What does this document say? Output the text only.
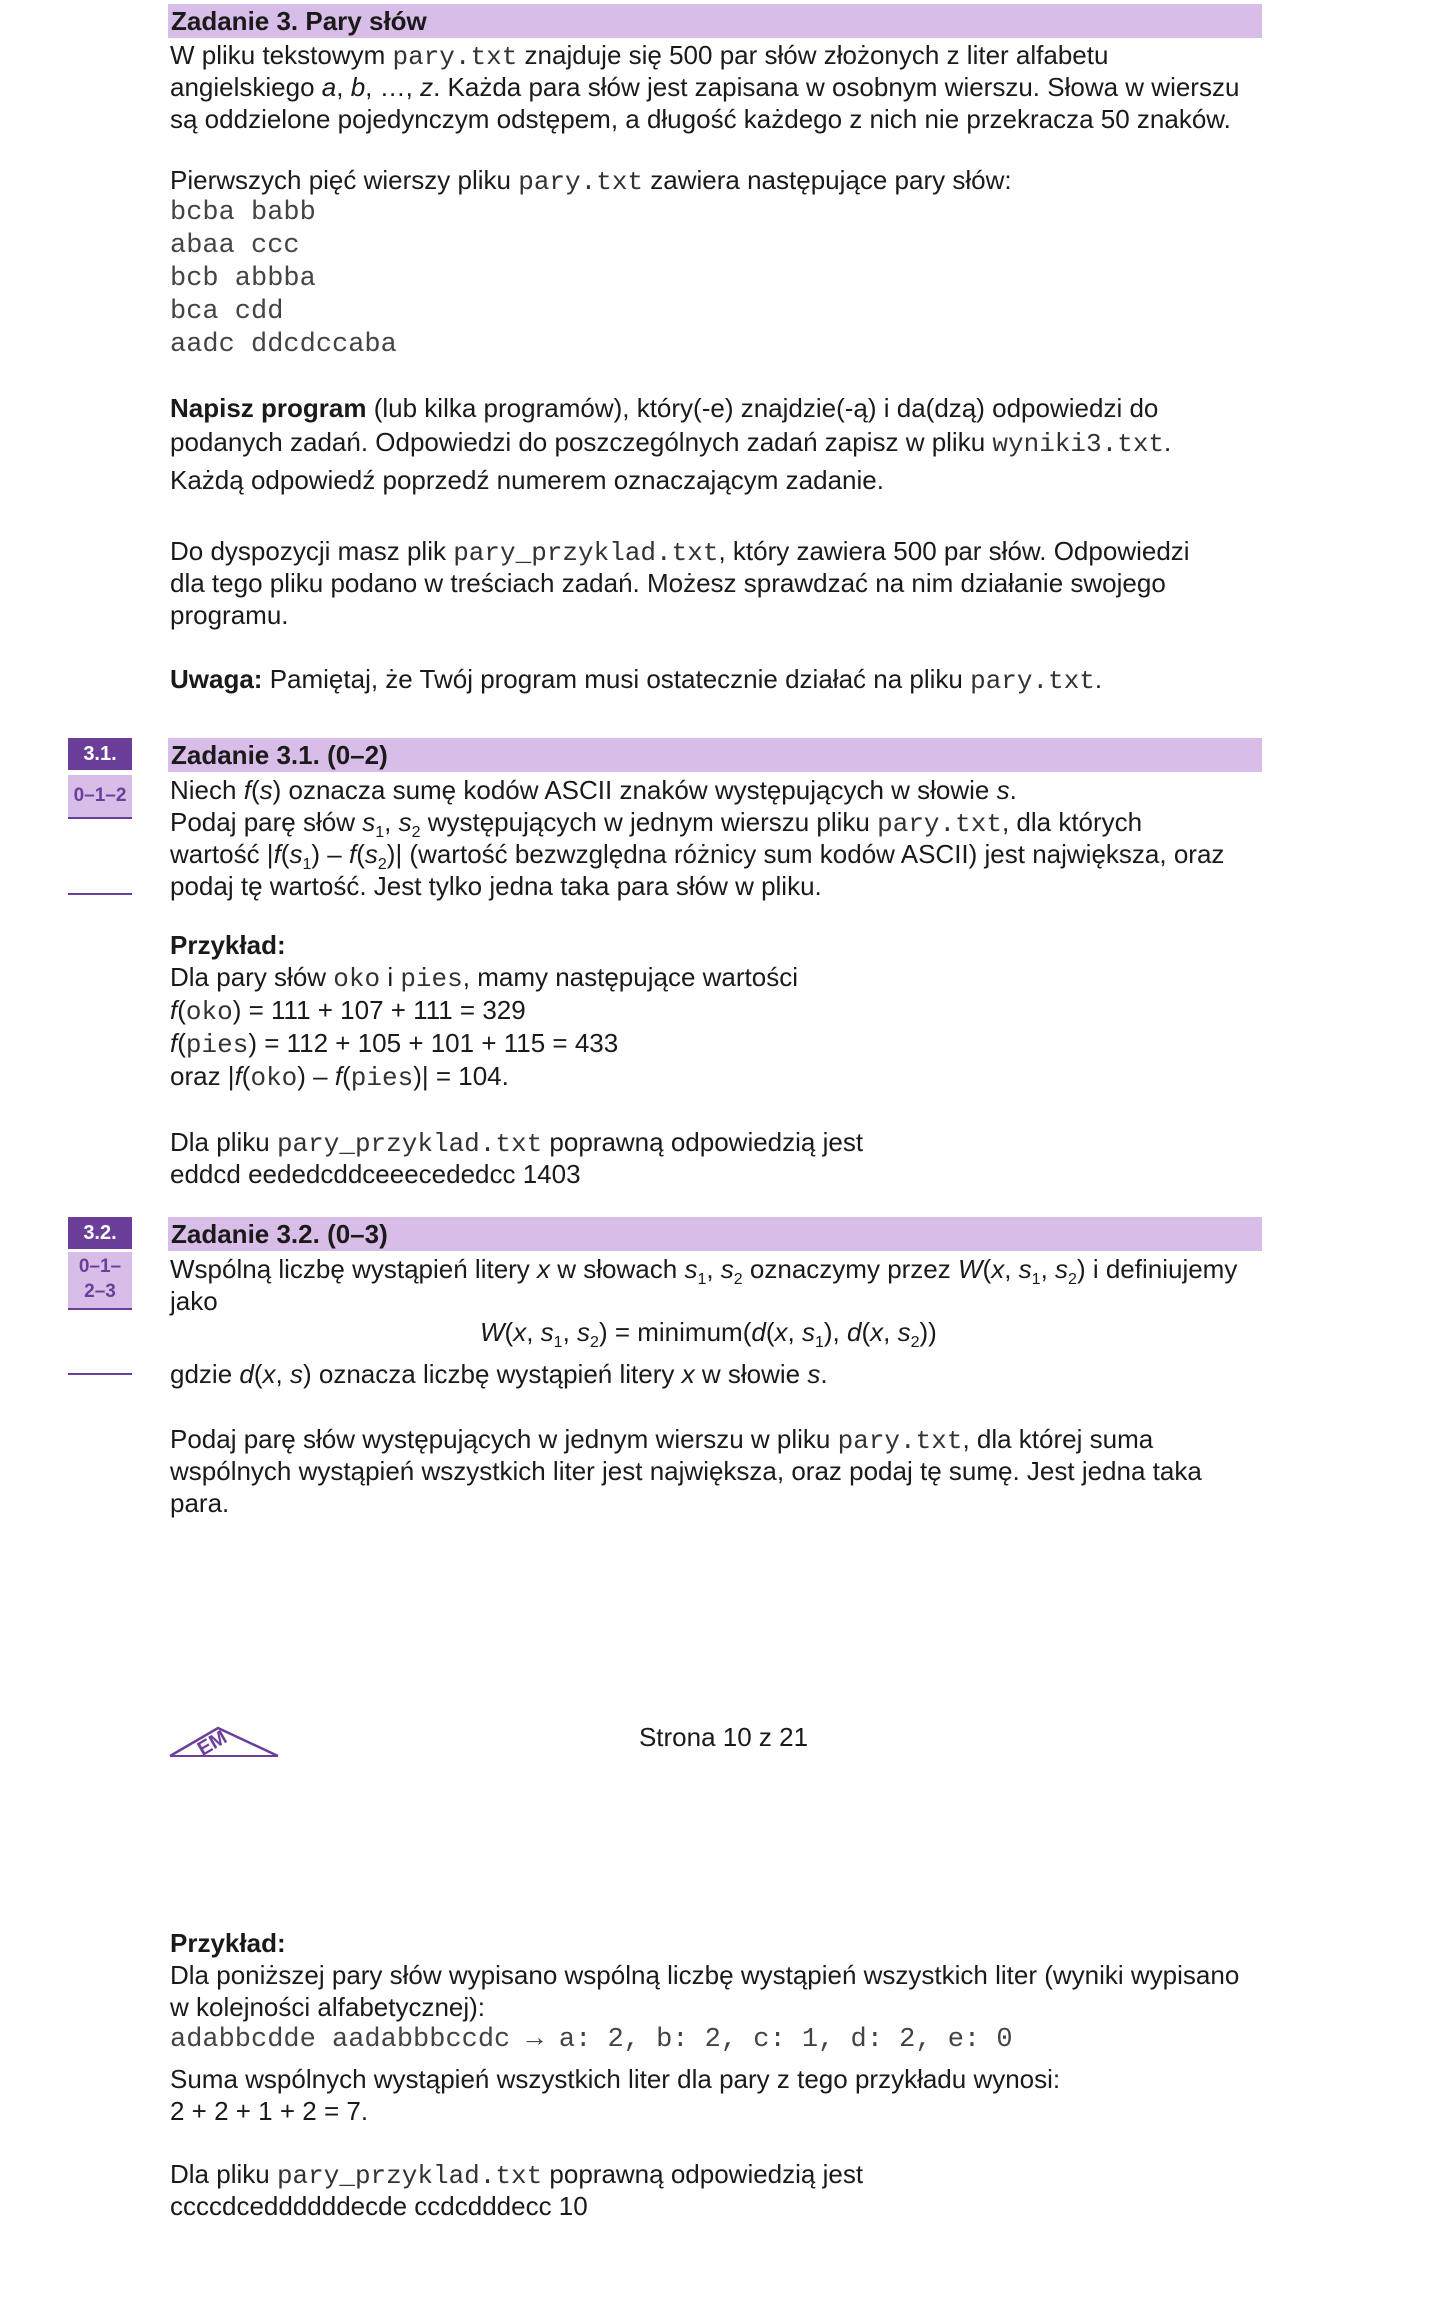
Zadanie 3. Pary słów

W pliku tekstowym pary.txt znajduje się 500 par słów złożonych z liter alfabetu

angielskiego a, b, …, z. Każda para słów jest zapisana w osobnym wierszu. Słowa w wierszu

są oddzielone pojedynczym odstępem, a długość każdego z nich nie przekracza 50 znaków.

Pierwszych pięć wierszy pliku pary.txt zawiera następujące pary słów:

bcba babb
abaa ccc
bcb abbba
bca cdd
aadc ddcdccaba

Napisz program (lub kilka programów), który(-e) znajdzie(-ą) i da(dzą) odpowiedzi do

podanych zadań. Odpowiedzi do poszczególnych zadań zapisz w pliku wyniki3.txt.

Każdą odpowiedź poprzedź numerem oznaczającym zadanie.

Do dyspozycji masz plik pary_przyklad.txt, który zawiera 500 par słów. Odpowiedzi

dla tego pliku podano w treściach zadań. Możesz sprawdzać na nim działanie swojego

programu.

Uwaga: Pamiętaj, że Twój program musi ostatecznie działać na pliku pary.txt.

3.1.
0–1–2
Zadanie 3.1. (0–2)

Niech f(s) oznacza sumę kodów ASCII znaków występujących w słowie s.

Podaj parę słów $s_1$, $s_2$ występujących w jednym wierszu pliku pary.txt, dla których

wartość $|f(s_1) - f(s_2)|$ (wartość bezwzględna różnicy sum kodów ASCII) jest największa, oraz

podaj tę wartość. Jest tylko jedna taka para słów w pliku.

Przykład:

Dla pary słów oko i pies, mamy następujące wartości

f(oko) = 111 + 107 + 111 = 329

f(pies) = 112 + 105 + 101 + 115 = 433

oraz |f(oko) – f(pies)| = 104.

Dla pliku pary_przyklad.txt poprawną odpowiedzią jest

eddcd eededcddceeecededcc 1403

3.2.
0–1–
2–3
Zadanie 3.2. (0–3)

Wspólną liczbę wystąpień litery x w słowach $s_1$, $s_2$ oznaczymy przez W(x, $s_1$, $s_2$) i definiujemy

jako

W(x, $s_1$, $s_2$) = minimum(d(x, $s_1$), d(x, $s_2$))

gdzie d(x, s) oznacza liczbę wystąpień litery x w słowie s.

Podaj parę słów występujących w jednym wierszu w pliku pary.txt, dla której suma

wspólnych wystąpień wszystkich liter jest największa, oraz podaj tę sumę. Jest jedna taka

para.

EM	Strona 10 z 21

Przykład:

Dla poniższej pary słów wypisano wspólną liczbę wystąpień wszystkich liter (wyniki wypisano

w kolejności alfabetycznej):

adabbcdde aadabbbccdc → a: 2, b: 2, c: 1, d: 2, e: 0

Suma wspólnych wystąpień wszystkich liter dla pary z tego przykładu wynosi:

2 + 2 + 1 + 2 = 7.

Dla pliku pary_przyklad.txt poprawną odpowiedzią jest

ccccdceddddddecde ccdcdddecc 10
